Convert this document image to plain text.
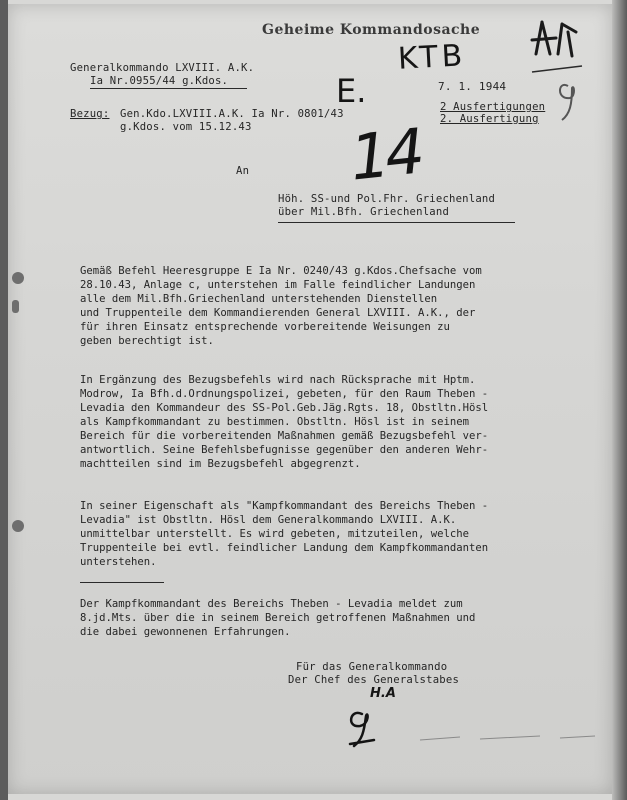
Geheime Kommandosache
Generalkommando LXVIII. A.K.
Ia Nr.0955/44 g.Kdos.	7. 1. 1944
Bezug: Gen.Kdo.LXVIII.A.K. Ia Nr. 0801/43
g.Kdos. vom 15.12.43
2 Ausfertigungen
2. Ausfertigung
KTB
E.
14
An
Höh. SS-und Pol.Fhr. Griechenland
über Mil.Bfh. Griechenland
Gemäß Befehl Heeresgruppe E Ia Nr. 0240/43 g.Kdos.Chefsache vom
28.10.43, Anlage c, unterstehen im Falle feindlicher Landungen
alle dem Mil.Bfh.Griechenland unterstehenden Dienstellen
und Truppenteile dem Kommandierenden General LXVIII. A.K., der
für ihren Einsatz entsprechende vorbereitende Weisungen zu
geben berechtigt ist.
In Ergänzung des Bezugsbefehls wird nach Rücksprache mit Hptm.
Modrow, Ia Bfh.d.Ordnungspolizei, gebeten, für den Raum Theben -
Levadia den Kommandeur des SS-Pol.Geb.Jäg.Rgts. 18, Obstltn.Hösl
als Kampfkommandant zu bestimmen. Obstltn. Hösl ist in seinem
Bereich für die vorbereitenden Maßnahmen gemäß Bezugsbefehl ver-
antwortlich. Seine Befehlsbefugnisse gegenüber den anderen Wehr-
machtteilen sind im Bezugsbefehl abgegrenzt.
In seiner Eigenschaft als "Kampfkommandant des Bereichs Theben -
Levadia" ist Obstltn. Hösl dem Generalkommando LXVIII. A.K.
unmittelbar unterstellt. Es wird gebeten, mitzuteilen, welche
Truppenteile bei evtl. feindlicher Landung dem Kampfkommandanten
unterstehen.
Der Kampfkommandant des Bereichs Theben - Levadia meldet zum
8.jd.Mts. über die in seinem Bereich getroffenen Maßnahmen und
die dabei gewonnenen Erfahrungen.
Für das Generalkommando
Der Chef des Generalstabes
H.A
